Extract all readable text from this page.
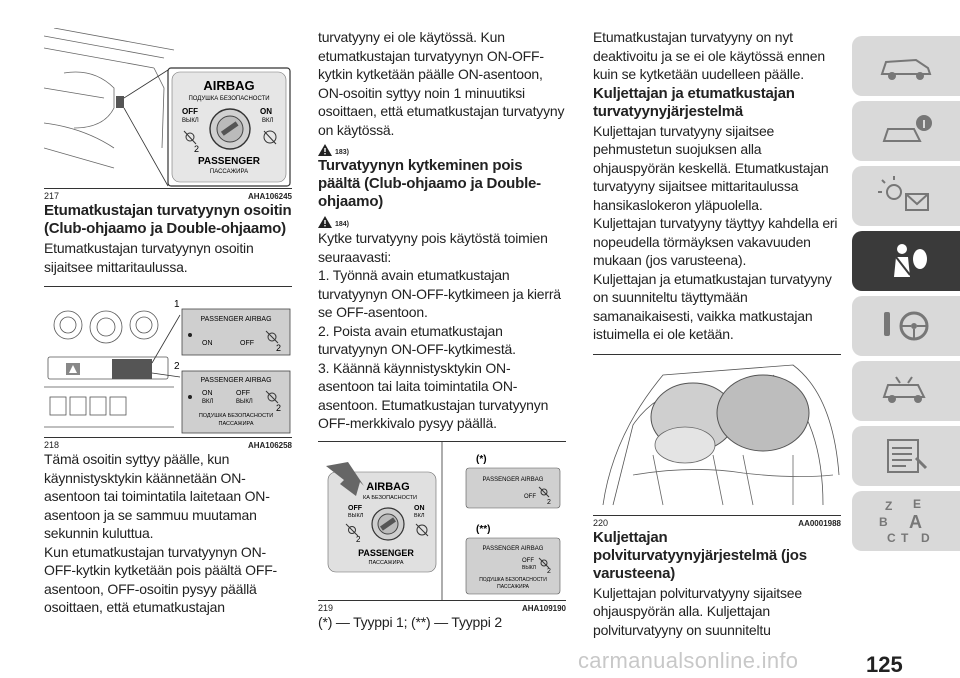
AIRBAG
ПОДУШКА БЕЗОПАСНОСТИ
OFF
ВЫКЛ
ON
ВКЛ
2
PASSENGER
ПАССАЖИРА
217	AHA106245
Etumatkustajan turvatyynyn osoitin (Club-ohjaamo ja Double-ohjaamo)

Etumatkustajan turvatyynyn osoitin sijaitsee mittaritaulussa.

1
2
PASSENGER AIRBAG
ON	OFF 2
PASSENGER AIRBAG
ON
ВКЛ
OFF
ВЫКЛ
2
ПОДУШКА БЕЗОПАСНОСТИ
ПАССАЖИРА
218	AHA106258

Tämä osoitin syttyy päälle, kun käynnistysktykin käännetään ON-asentoon tai toimintatila laitetaan ON-asentoon ja se sammuu muutaman sekunnin kuluttua.

Kun etumatkustajan turvatyynyn ON-OFF-kytkin kytketään pois päältä OFF-asentoon, OFF-osoitin pysyy päällä osoittaen, että etumatkustajan

turvatyyny ei ole käytössä. Kun etumatkustajan turvatyynyn ON-OFF-kytkin kytketään päälle ON-asentoon, ON-osoitin syttyy noin 1 minuutiksi osoittaen, että etumatkustajan turvatyyny on käytössä.

183)
Turvatyynyn kytkeminen pois päältä (Club-ohjaamo ja Double-ohjaamo)
184)

Kytke turvatyyny pois käytöstä toimien seuraavasti:

1. Työnnä avain etumatkustajan turvatyynyn ON-OFF-kytkimeen ja kierrä se OFF-asentoon.

2. Poista avain etumatkustajan turvatyynyn ON-OFF-kytkimestä.

3. Käännä käynnistysktykin ON-asentoon tai laita toimintatila ON-asentoon. Etumatkustajan turvatyynyn OFF-merkkivalo pysyy päällä.

AIRBAG
КА БЕЗОПАСНОСТИ
OFF
ВЫКЛ
ON
ВКЛ
2
PASSENGER
ПАССАЖИРА
(*)
PASSENGER AIRBAG
OFF
2
(**)
PASSENGER AIRBAG
OFF
ВЫКЛ 2
ПОДУШКА БЕЗОПАСНОСТИ
ПАССАЖИРА
219	AHA109190

(*) — Tyyppi 1; (**) — Tyyppi 2

Etumatkustajan turvatyyny on nyt deaktivoitu ja se ei ole käytössä ennen kuin se kytketään uudelleen päälle.

Kuljettajan ja etumatkustajan turvatyynyjärjestelmä

Kuljettajan turvatyyny sijaitsee pehmustetun suojuksen alla ohjauspyörän keskellä. Etumatkustajan turvatyyny sijaitsee mittaritaulussa hansikaslokeron yläpuolella.

Kuljettajan turvatyyny täyttyy kahdella eri nopeudella törmäyksen vakavuuden mukaan (jos varusteena).

Kuljettajan ja etumatkustajan turvatyyny on suunniteltu täyttymään samanaikaisesti, vaikka matkustajan istuimella ei ole ketään.

220	AA0001988
Kuljettajan polviturvatyynyjärjestelmä (jos varusteena)

Kuljettajan polviturvatyyny sijaitsee ohjauspyörän alla. Kuljettajan polviturvatyyny on suunniteltu

Z E
B A
C T D
carmanualsonline.info	125
